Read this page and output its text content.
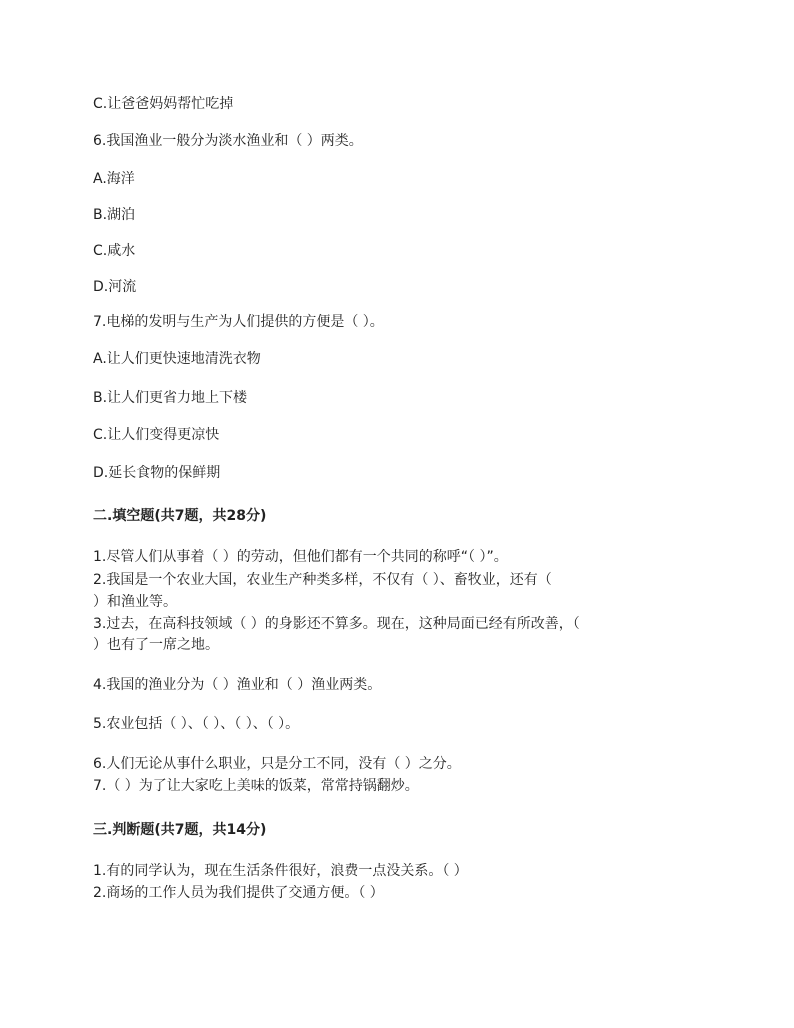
C.让爸爸妈妈帮忙吃掉
6.我国渔业一般分为淡水渔业和（ ）两类。
A.海洋
B.湖泊
C.咸水
D.河流
7.电梯的发明与生产为人们提供的方便是（ ）。
A.让人们更快速地清洗衣物
B.让人们更省力地上下楼
C.让人们变得更凉快
D.延长食物的保鲜期
二.填空题(共7题，共28分)
1.尽管人们从事着（ ）的劳动，但他们都有一个共同的称呼“（ ）”。
2.我国是一个农业大国，农业生产种类多样，不仅有（ ）、畜牧业，还有（
）和渔业等。
3.过去，在高科技领域（ ）的身影还不算多。现在，这种局面已经有所改善，（
）也有了一席之地。
4.我国的渔业分为（ ）渔业和（ ）渔业两类。
5.农业包括（ ）、（ ）、（ ）、（ ）。
6.人们无论从事什么职业，只是分工不同，没有（ ）之分。
7.（ ）为了让大家吃上美味的饭菜，常常持锅翻炒。
三.判断题(共7题，共14分)
1.有的同学认为，现在生活条件很好，浪费一点没关系。（ ）
2.商场的工作人员为我们提供了交通方便。（ ）
